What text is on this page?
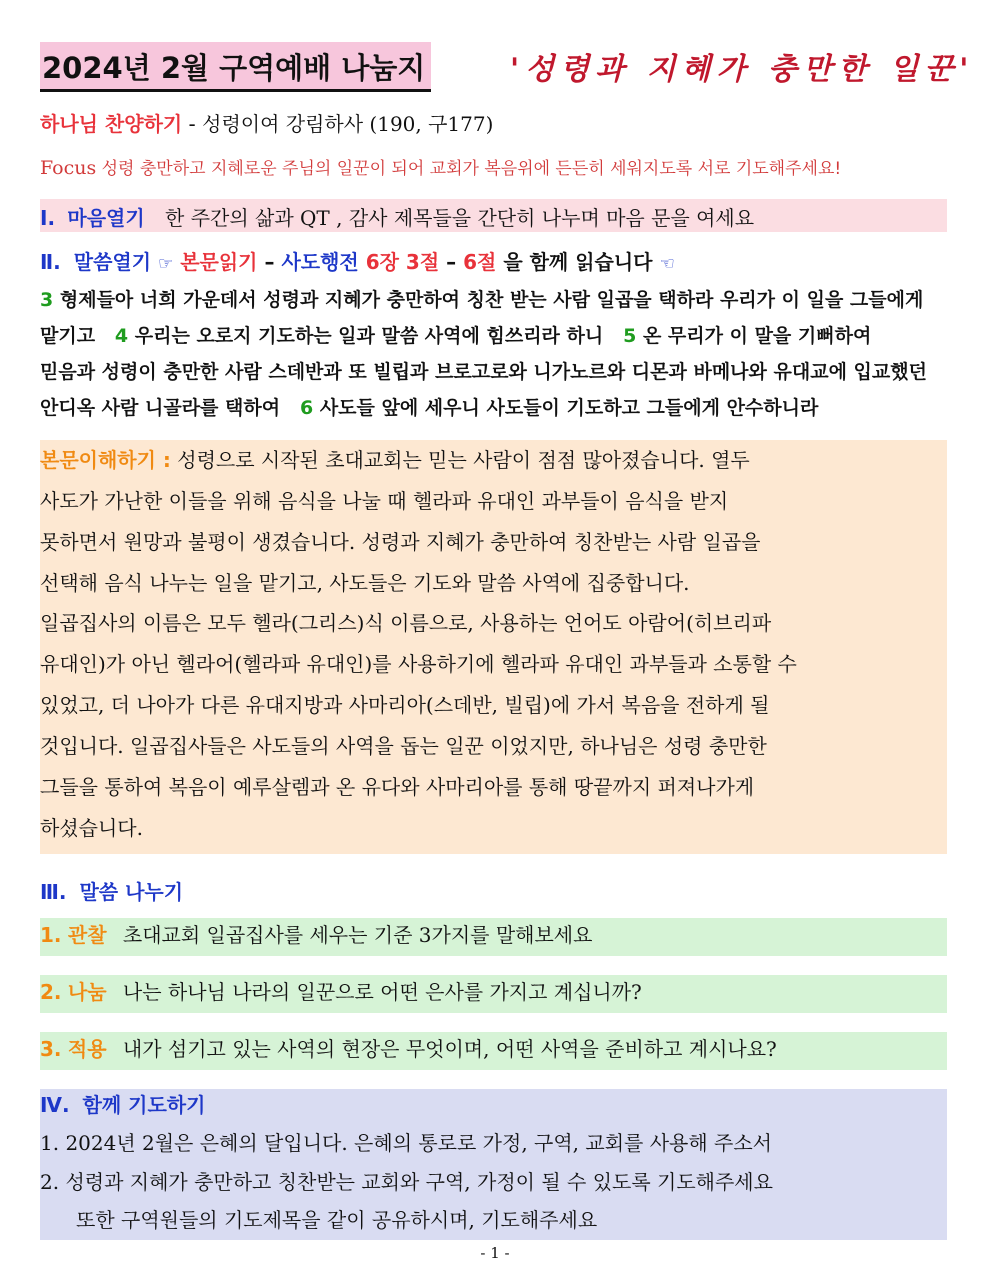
2024년 2월 구역예배 나눔지	'성령과 지혜가 충만한 일꾼'
하나님 찬양하기 - 성령이여 강림하사 (190, 구177)
Focus 성령 충만하고 지혜로운 주님의 일꾼이 되어 교회가 복음위에 든든히 세워지도록 서로 기도해주세요!
Ⅰ. 마음열기 한 주간의 삶과 QT , 감사 제목들을 간단히 나누며 마음 문을 여세요
Ⅱ. 말씀열기 ☞ 본문읽기 – 사도행전 6장 3절 – 6절 을 함께 읽습니다 ☜
3 형제들아 너희 가운데서 성령과 지혜가 충만하여 칭찬 받는 사람 일곱을 택하라 우리가 이 일을 그들에게
맡기고 4 우리는 오로지 기도하는 일과 말씀 사역에 힘쓰리라 하니 5 온 무리가 이 말을 기뻐하여
믿음과 성령이 충만한 사람 스데반과 또 빌립과 브로고로와 니가노르와 디몬과 바메나와 유대교에 입교했던
안디옥 사람 니골라를 택하여 6 사도들 앞에 세우니 사도들이 기도하고 그들에게 안수하니라
본문이해하기 : 성령으로 시작된 초대교회는 믿는 사람이 점점 많아졌습니다. 열두
사도가 가난한 이들을 위해 음식을 나눌 때 헬라파 유대인 과부들이 음식을 받지
못하면서 원망과 불평이 생겼습니다. 성령과 지혜가 충만하여 칭찬받는 사람 일곱을
선택해 음식 나누는 일을 맡기고, 사도들은 기도와 말씀 사역에 집중합니다.
일곱집사의 이름은 모두 헬라(그리스)식 이름으로, 사용하는 언어도 아람어(히브리파
유대인)가 아닌 헬라어(헬라파 유대인)를 사용하기에 헬라파 유대인 과부들과 소통할 수
있었고, 더 나아가 다른 유대지방과 사마리아(스데반, 빌립)에 가서 복음을 전하게 될
것입니다. 일곱집사들은 사도들의 사역을 돕는 일꾼 이었지만, 하나님은 성령 충만한
그들을 통하여 복음이 예루살렘과 온 유다와 사마리아를 통해 땅끝까지 퍼져나가게
하셨습니다.
Ⅲ. 말씀 나누기
1. 관찰 초대교회 일곱집사를 세우는 기준 3가지를 말해보세요
2. 나눔 나는 하나님 나라의 일꾼으로 어떤 은사를 가지고 계십니까?
3. 적용 내가 섬기고 있는 사역의 현장은 무엇이며, 어떤 사역을 준비하고 계시나요?
Ⅳ. 함께 기도하기
1. 2024년 2월은 은혜의 달입니다. 은혜의 통로로 가정, 구역, 교회를 사용해 주소서
2. 성령과 지혜가 충만하고 칭찬받는 교회와 구역, 가정이 될 수 있도록 기도해주세요
또한 구역원들의 기도제목을 같이 공유하시며, 기도해주세요
- 1 -
